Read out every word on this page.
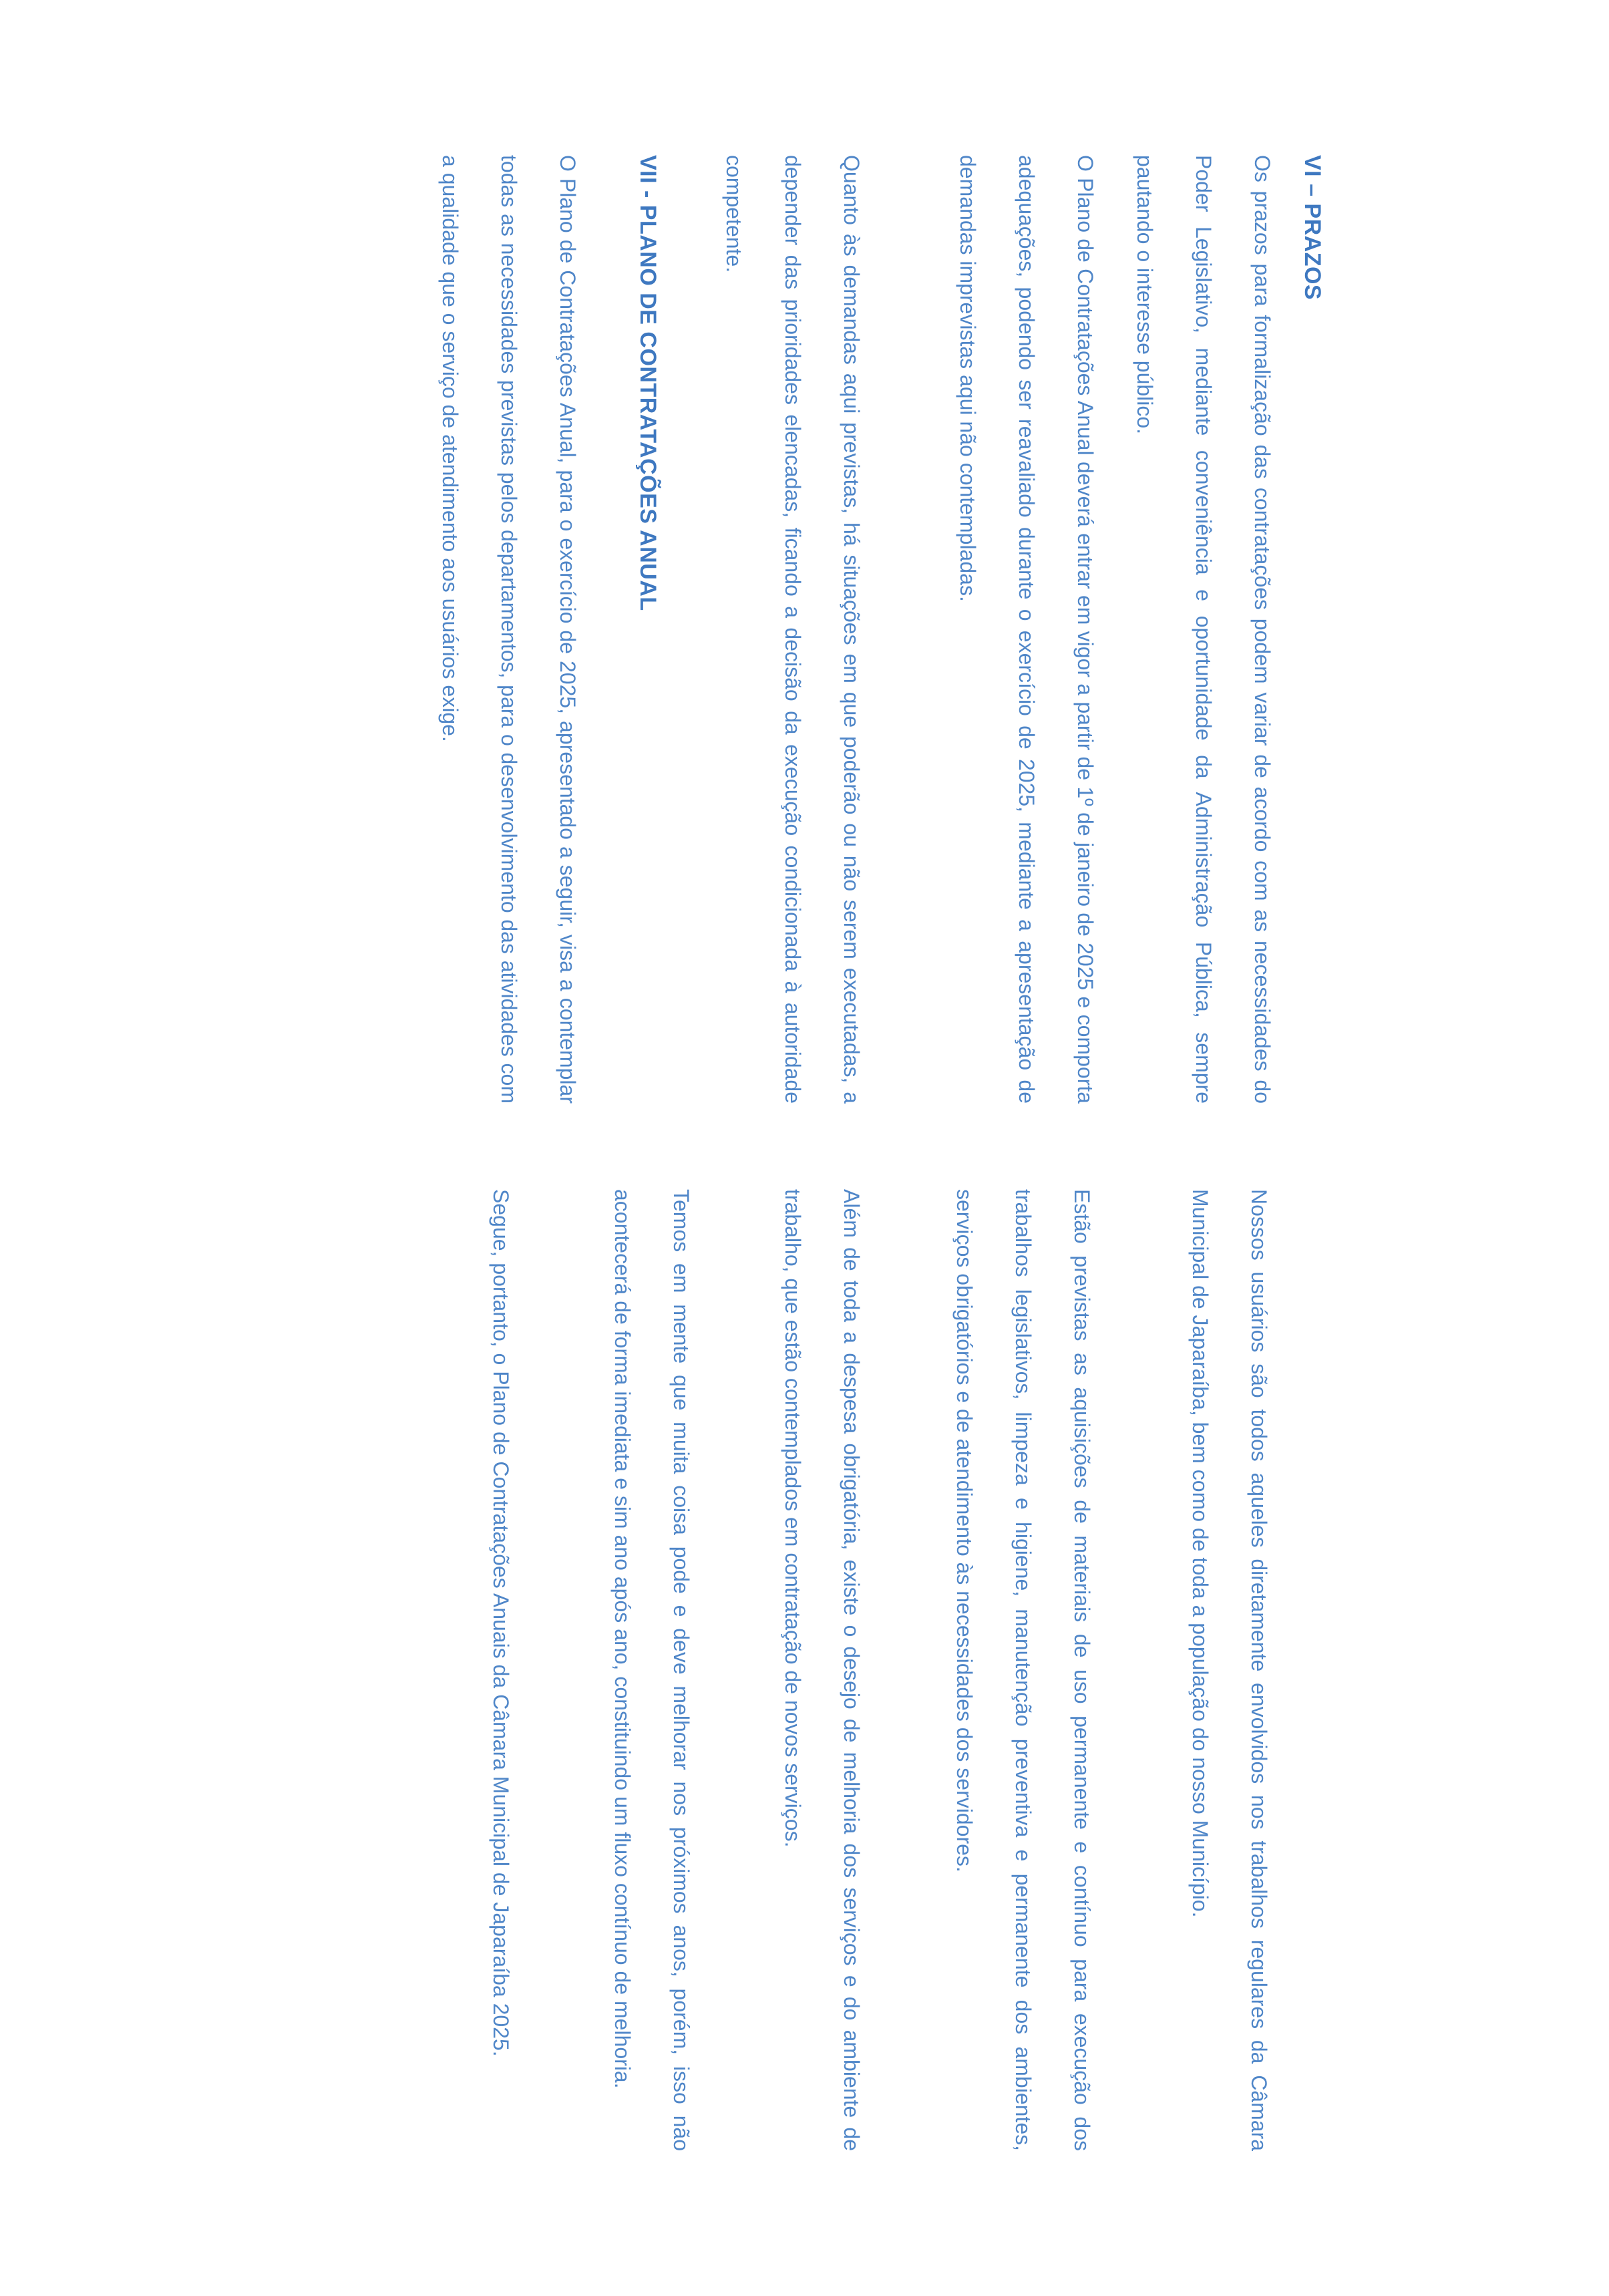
VI – PRAZOS

Os prazos para formalização das contratações podem variar de acordo com as necessidades do Poder Legislativo, mediante conveniência e oportunidade da Administração Pública, sempre pautando o interesse público.

O Plano de Contratações Anual deverá entrar em vigor a partir de 1º de janeiro de 2025 e comporta adequações, podendo ser reavaliado durante o exercício de 2025, mediante a apresentação de demandas imprevistas aqui não contempladas.

Quanto às demandas aqui previstas, há situações em que poderão ou não serem executadas, a depender das prioridades elencadas, ficando a decisão da execução condicionada à autoridade competente.

VII - PLANO DE CONTRATAÇÕES ANUAL

O Plano de Contratações Anual, para o exercício de 2025, apresentado a seguir, visa a contemplar todas as necessidades previstas pelos departamentos, para o desenvolvimento das atividades com a qualidade que o serviço de atendimento aos usuários exige.

Nossos usuários são todos aqueles diretamente envolvidos nos trabalhos regulares da Câmara Municipal de Japaraíba, bem como de toda a população do nosso Município.

Estão previstas as aquisições de materiais de uso permanente e contínuo para execução dos trabalhos legislativos, limpeza e higiene, manutenção preventiva e permanente dos ambientes, serviços obrigatórios e de atendimento às necessidades dos servidores.

Além de toda a despesa obrigatória, existe o desejo de melhoria dos serviços e do ambiente de trabalho, que estão contemplados em contratação de novos serviços.

Temos em mente que muita coisa pode e deve melhorar nos próximos anos, porém, isso não acontecerá de forma imediata e sim ano após ano, constituindo um fluxo contínuo de melhoria.

Segue, portanto, o Plano de Contratações Anuais da Câmara Municipal de Japaraíba 2025.
